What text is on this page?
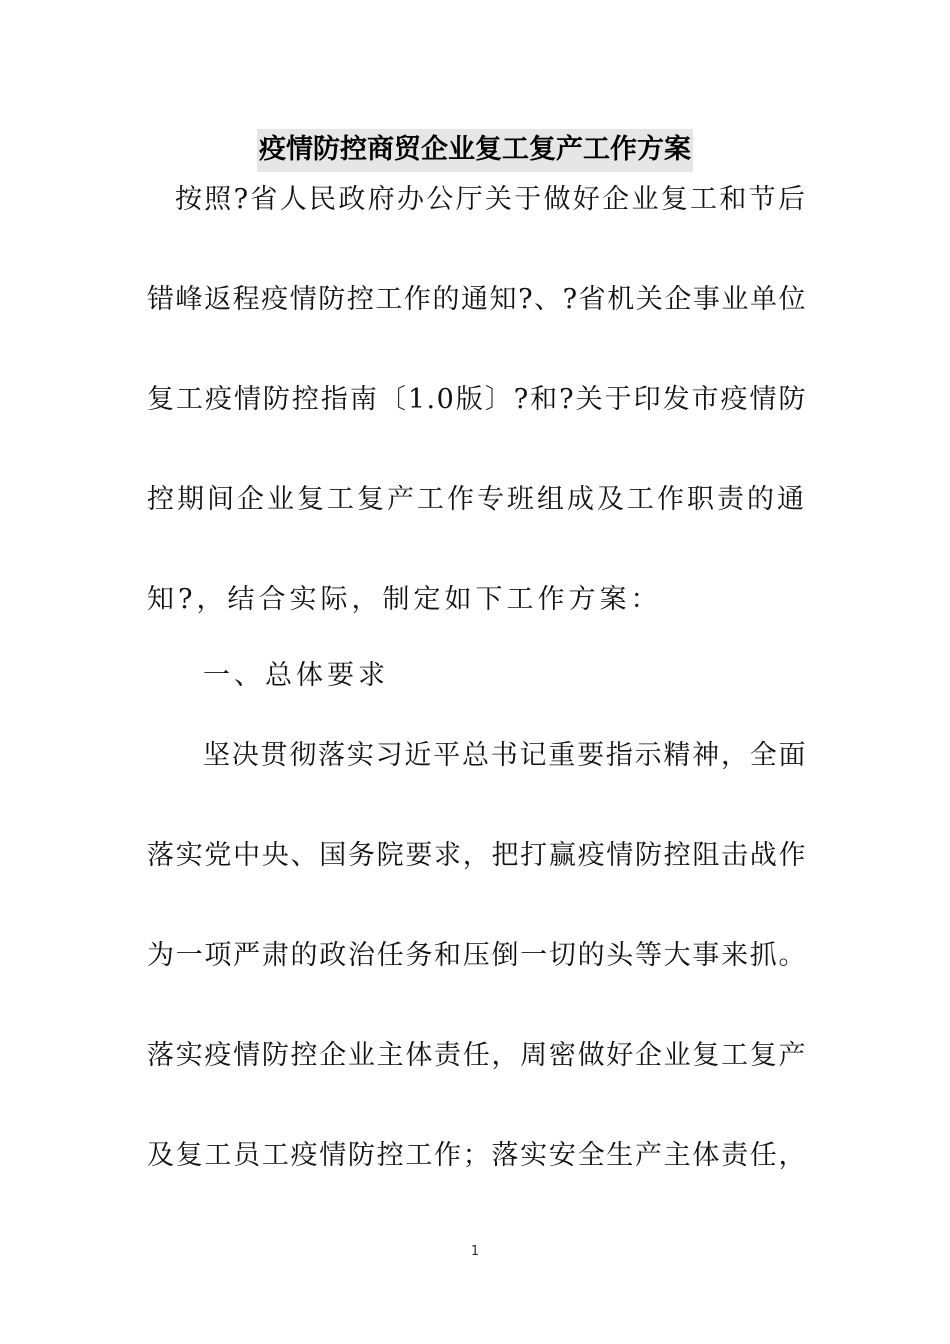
疫情防控商贸企业复工复产工作方案

按照?省人民政府办公厅关于做好企业复工和节后

错峰返程疫情防控工作的通知?、?省机关企事业单位

复工疫情防控指南〔1.0版〕?和?关于印发市疫情防

控期间企业复工复产工作专班组成及工作职责的通

知?，结合实际，制定如下工作方案：

一、总体要求

坚决贯彻落实习近平总书记重要指示精神，全面

落实党中央、国务院要求，把打赢疫情防控阻击战作

为一项严肃的政治任务和压倒一切的头等大事来抓。

落实疫情防控企业主体责任，周密做好企业复工复产

及复工员工疫情防控工作；落实安全生产主体责任，

1
